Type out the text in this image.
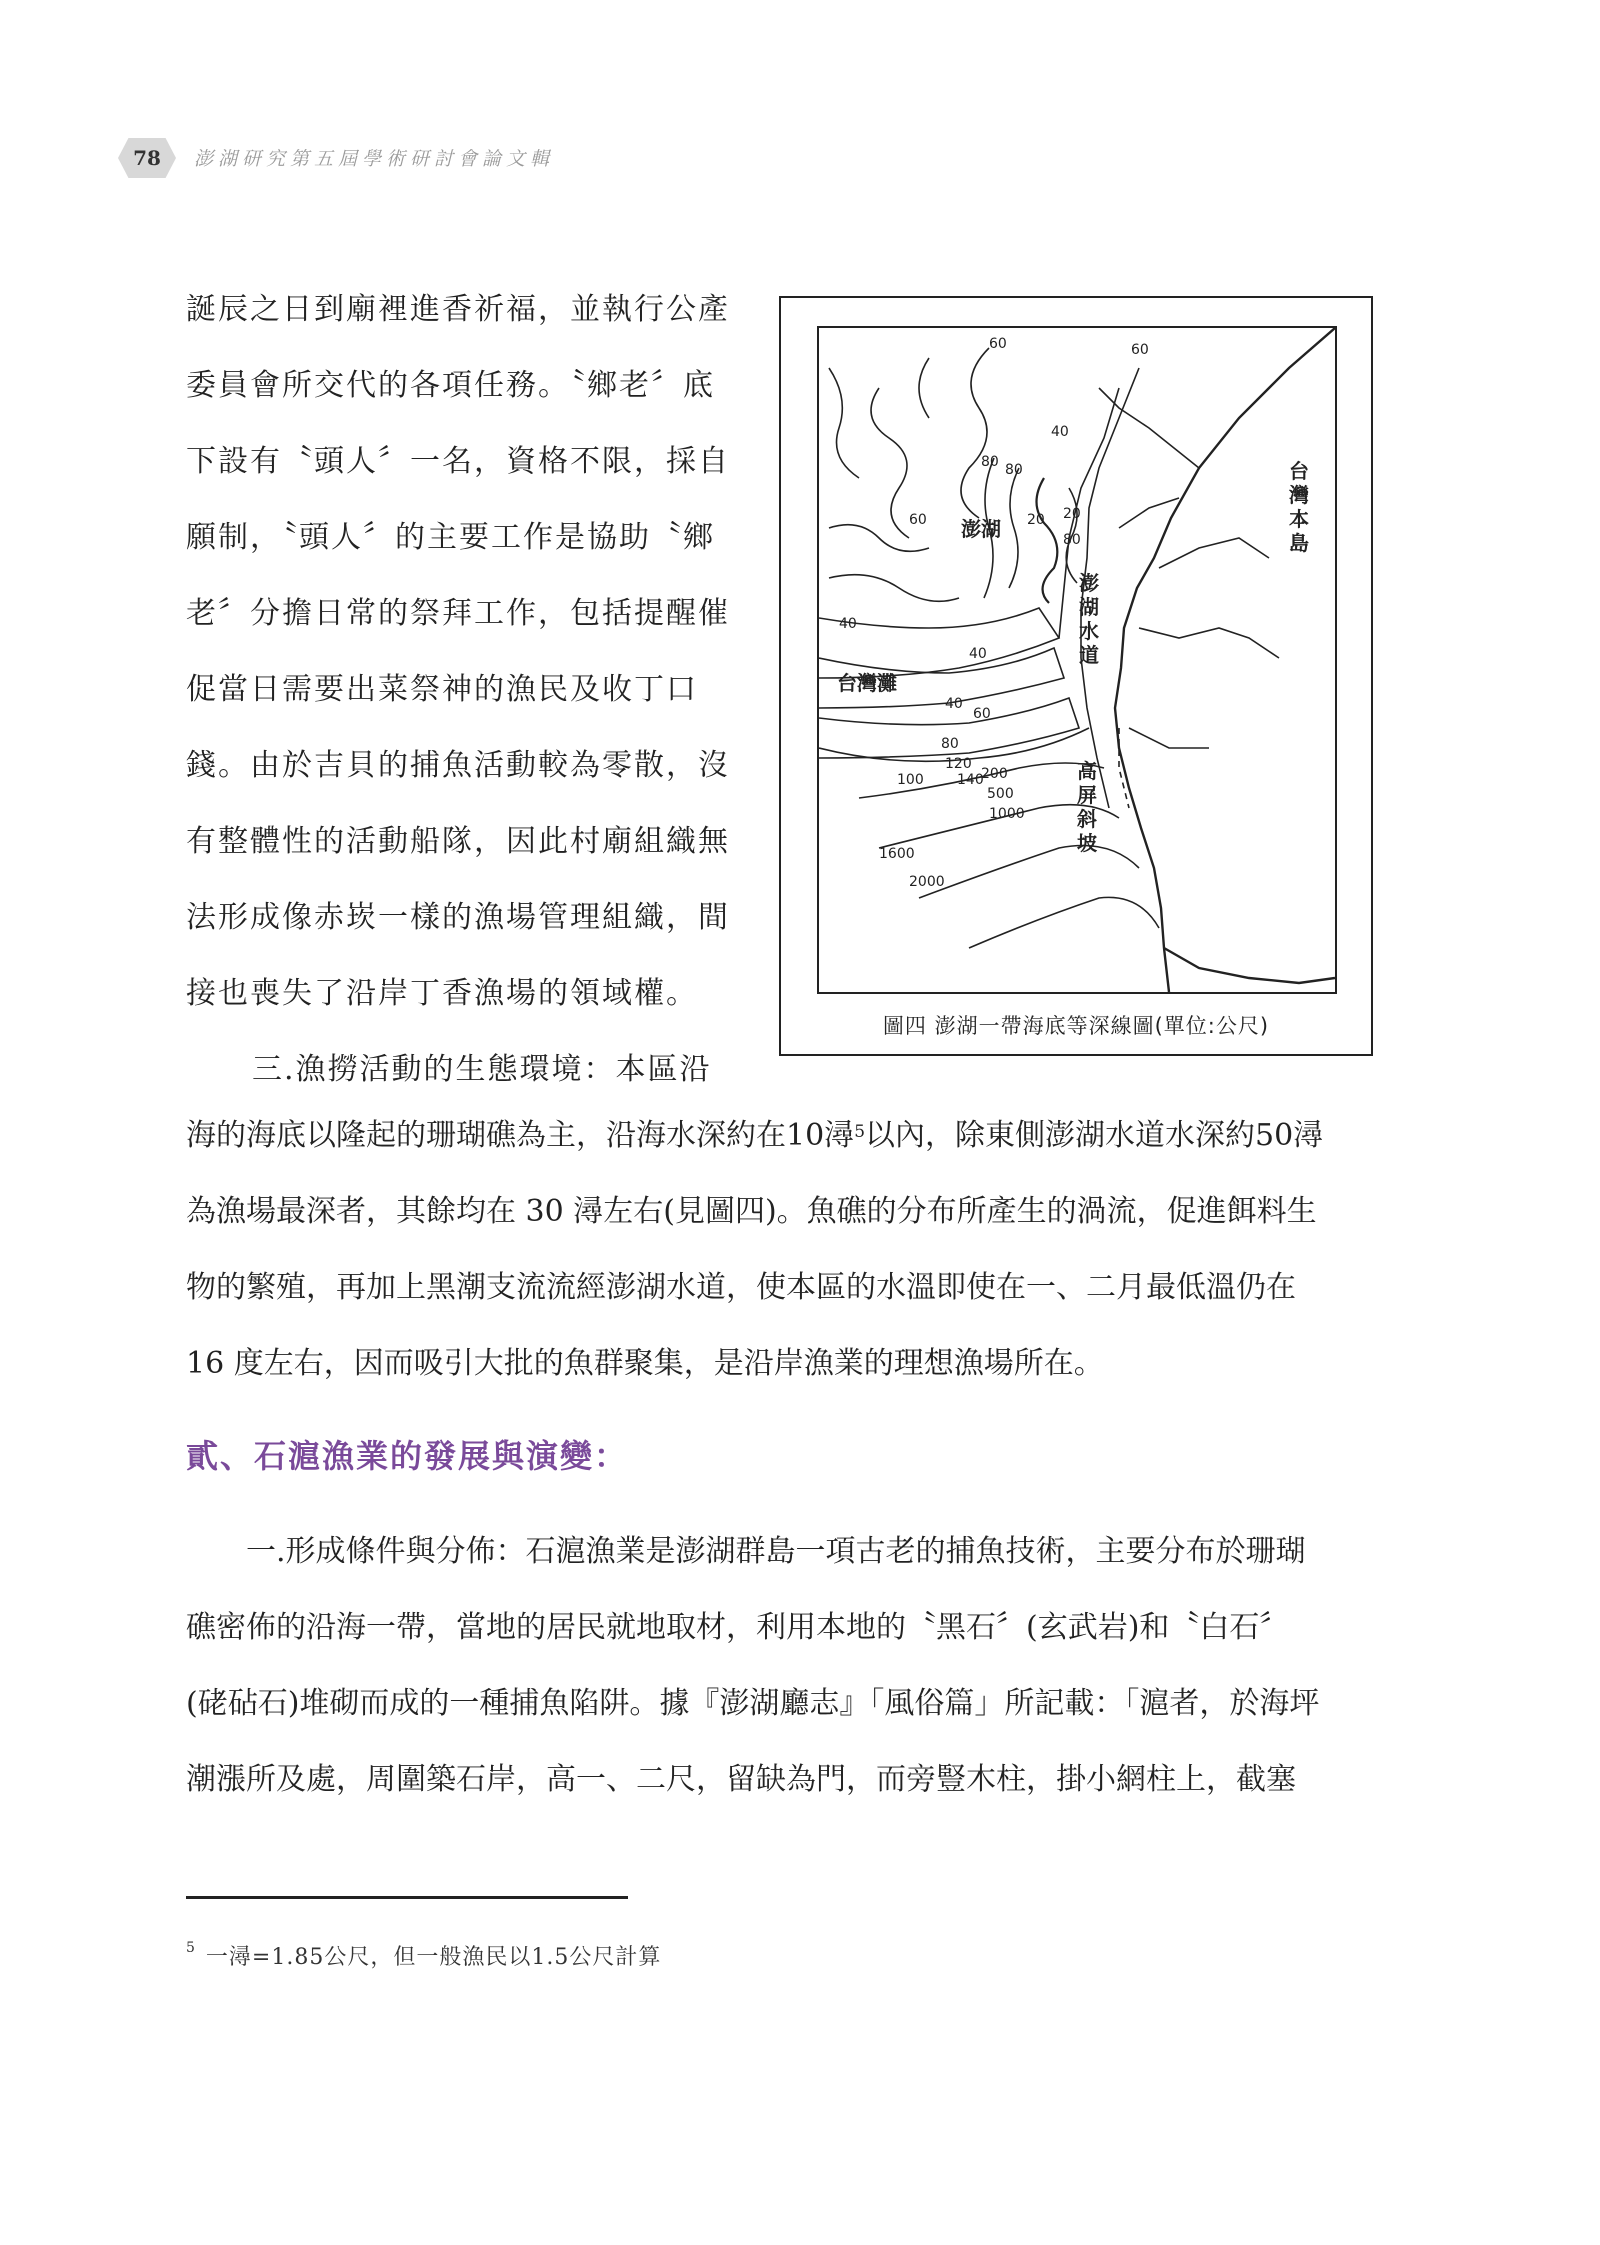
78	澎湖研究第五屆學術研討會論文輯

誕辰之日到廟裡進香祈福，並執行公產

委員會所交代的各項任務。〝鄉老〞底

下設有〝頭人〞一名，資格不限，採自

願制，〝頭人〞的主要工作是協助〝鄉

老〞分擔日常的祭拜工作，包括提醒催

促當日需要出菜祭神的漁民及收丁口

錢。由於吉貝的捕魚活動較為零散，沒

有整體性的活動船隊，因此村廟組織無

法形成像赤崁一樣的漁場管理組織，間

接也喪失了沿岸丁香漁場的領域權。

三.漁撈活動的生態環境：本區沿

60	60
40
80 80
60	20 20
80
40
40
40
60
80
120
100 140
200
500
1000
1600
2000
台
灣
本
島
澎湖
澎
湖
水
道
台灣灘
高
屏
斜
坡
圖四 澎湖一帶海底等深線圖(單位:公尺)

海的海底以隆起的珊瑚礁為主，沿海水深約在10潯$^5$以內，除東側澎湖水道水深約50潯

為漁場最深者，其餘均在 30 潯左右(見圖四)。魚礁的分布所產生的渦流，促進餌料生

物的繁殖，再加上黑潮支流流經澎湖水道，使本區的水溫即使在一、二月最低溫仍在

16 度左右，因而吸引大批的魚群聚集，是沿岸漁業的理想漁場所在。

貳、石滬漁業的發展與演變：

一.形成條件與分佈：石滬漁業是澎湖群島一項古老的捕魚技術，主要分布於珊瑚

礁密佈的沿海一帶，當地的居民就地取材，利用本地的〝黑石〞(玄武岩)和〝白石〞

(硓砧石)堆砌而成的一種捕魚陷阱。據『澎湖廳志』「風俗篇」所記載：「滬者，於海坪

潮漲所及處，周圍築石岸，高一、二尺，留缺為門，而旁豎木柱，掛小網柱上，截塞

$^5$ 一潯=1.85公尺，但一般漁民以1.5公尺計算
